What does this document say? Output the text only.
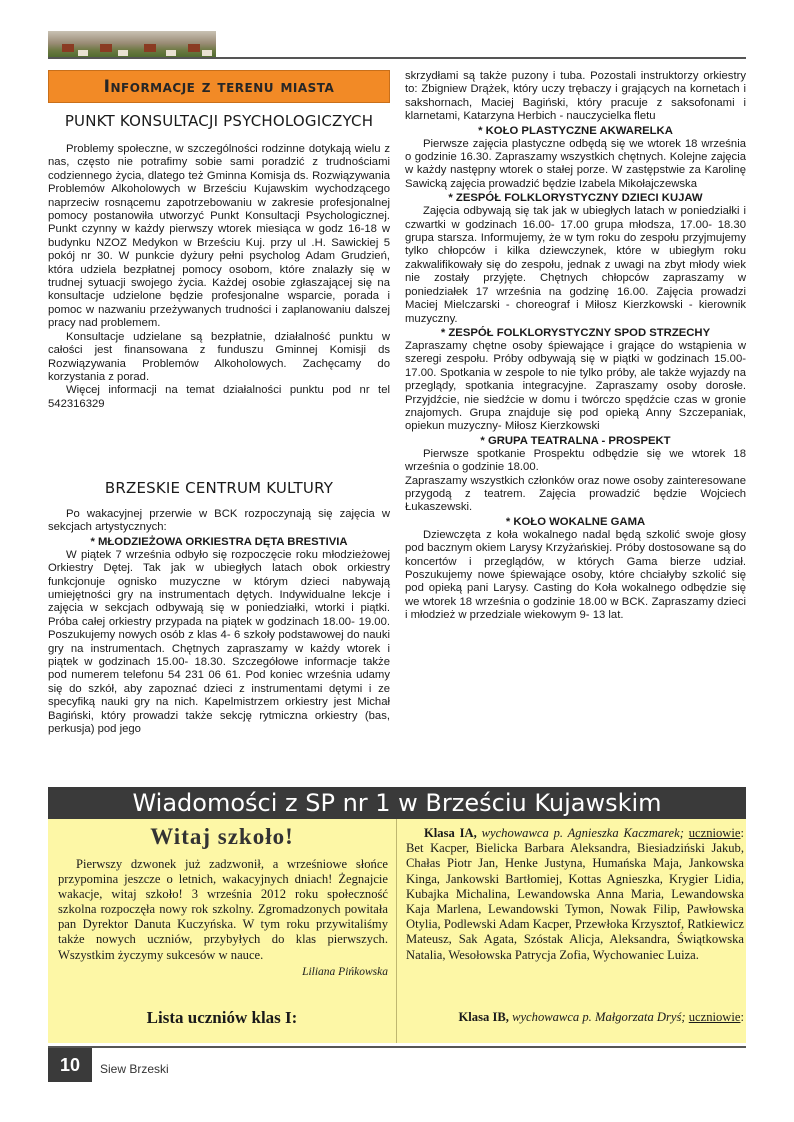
Informacje z terenu miasta
PUNKT KONSULTACJI PSYCHOLOGICZYCH

Problemy społeczne, w szczególności rodzinne dotykają wielu z nas, często nie potrafimy sobie sami poradzić z trudnościami codziennego życia, dlatego też Gminna Komisja ds. Rozwiązywania Problemów Alkoholowych w Brześciu Kujawskim wychodzącego naprzeciw rosnącemu zapotrzebowaniu w zakresie profesjonalnej pomocy postanowiła utworzyć Punkt Konsultacji Psychologicznej. Punkt czynny w każdy pierwszy wtorek miesiąca w godz 16-18 w budynku NZOZ Medykon w Brześciu Kuj. przy ul .H. Sawickiej 5 pokój nr 30. W punkcie dyżury pełni psycholog Adam Grudzień, która udziela bezpłatnej pomocy osobom, które znalazły się w trudnej sytuacji swojego życia. Każdej osobie zgłaszającej się na konsultacje udzielone będzie profesjonalne wsparcie, porada i pomoc w nazwaniu przeżywanych trudności i zaplanowaniu dalszej pracy nad problemem.

Konsultacje udzielane są bezpłatnie, działalność punktu w całości jest finansowana z funduszu Gminnej Komisji ds Rozwiązywania Problemów Alkoholowych. Zachęcamy do korzystania z porad.

Więcej informacji na temat działalności punktu pod nr tel 542316329

BRZESKIE CENTRUM KULTURY

Po wakacyjnej przerwie w BCK rozpoczynają się zajęcia w sekcjach artystycznych:

* MŁODZIEŻOWA ORKIESTRA DĘTA BRESTIVIA

W piątek 7 września odbyło się rozpoczęcie roku młodzieżowej Orkiestry Dętej. Tak jak w ubiegłych latach obok orkiestry funkcjonuje ognisko muzyczne w którym dzieci nabywają umiejętności gry na instrumentach dętych. Indywidualne lekcje i zajęcia w sekcjach odbywają się w poniedziałki, wtorki i piątki. Próba całej orkiestry przypada na piątek w godzinach 18.00- 19.00. Poszukujemy nowych osób z klas 4- 6 szkoły podstawowej do nauki gry na instrumentach. Chętnych zapraszamy w każdy wtorek i piątek w godzinach 15.00- 18.30. Szczegółowe informacje także pod numerem telefonu 54 231 06 61. Pod koniec września udamy się do szkół, aby zapoznać dzieci z instrumentami dętymi i ze specyfiką nauki gry na nich. Kapelmistrzem orkiestry jest Michał Bagiński, który prowadzi także sekcję rytmiczna orkiestry (bas, perkusja) pod jego

skrzydłami są także puzony i tuba. Pozostali instruktorzy orkiestry to: Zbigniew Drążek, który uczy trębaczy i grających na kornetach i sakshornach, Maciej Bagiński, który pracuje z saksofonami i klarnetami, Katarzyna Herbich - nauczycielka fletu

* KOŁO PLASTYCZNE AKWARELKA

Pierwsze zajęcia plastyczne odbędą się we wtorek 18 września o godzinie 16.30. Zapraszamy wszystkich chętnych. Kolejne zajęcia w każdy następny wtorek o stałej porze. W zastępstwie za Karolinę Sawicką zajęcia prowadzić będzie Izabela Mikołajczewska

* ZESPÓŁ FOLKLORYSTYCZNY DZIECI KUJAW

Zajęcia odbywają się tak jak w ubiegłych latach w poniedziałki i czwartki w godzinach 16.00- 17.00 grupa młodsza, 17.00- 18.30 grupa starsza. Informujemy, że w tym roku do zespołu przyjmujemy tylko chłopców i kilka dziewczynek, które w ubiegłym roku zakwalifikowały się do zespołu, jednak z uwagi na zbyt młody wiek nie zostały przyjęte. Chętnych chłopców zapraszamy w poniedziałek 17 września na godzinę 16.00. Zajęcia prowadzi Maciej Mielczarski - choreograf i Miłosz Kierzkowski - kierownik muzyczny.

* ZESPÓŁ FOLKLORYSTYCZNY SPOD STRZECHY

Zapraszamy chętne osoby śpiewające i grające do wstąpienia w szeregi zespołu. Próby odbywają się w piątki w godzinach 15.00-17.00. Spotkania w zespole to nie tylko próby, ale także wyjazdy na przeglądy, spotkania integracyjne. Zapraszamy osoby dorosłe. Przyjdźcie, nie siedźcie w domu i twórczo spędźcie czas w gronie znajomych. Grupa znajduje się pod opieką Anny Szczepaniak, opiekun muzyczny- Miłosz Kierzkowski

* GRUPA TEATRALNA - PROSPEKT

Pierwsze spotkanie Prospektu odbędzie się we wtorek 18 września o godzinie 18.00.

Zapraszamy wszystkich członków oraz nowe osoby zainteresowane przygodą z teatrem. Zajęcia prowadzić będzie Wojciech Łukaszewski.

* KOŁO WOKALNE GAMA

Dziewczęta z koła wokalnego nadal będą szkolić swoje głosy pod bacznym okiem Larysy Krzyżańskiej. Próby dostosowane są do koncertów i przeglądów, w których Gama bierze udział. Poszukujemy nowe śpiewające osoby, które chciałyby szkolić się pod opieką pani Larysy. Casting do Koła wokalnego odbędzie się we wtorek 18 września o godzinie 18.00 w BCK. Zapraszamy dzieci i młodzież w przedziale wiekowym 9- 13 lat.

Wiadomości z SP nr 1 w Brześciu Kujawskim
Witaj szkoło!

Pierwszy dzwonek już zadzwonił, a wrześniowe słońce przypomina jeszcze o letnich, wakacyjnych dniach! Żegnajcie wakacje, witaj szkoło! 3 września 2012 roku społeczność szkolna rozpoczęła nowy rok szkolny. Zgromadzonych powitała pan Dyrektor Danuta Kuczyńska. W tym roku przywitaliśmy także nowych uczniów, przybyłych do klas pierwszych. Wszystkim życzymy sukcesów w nauce.

Liliana Pińkowska

Lista uczniów klas I:

Klasa IA, wychowawca p. Agnieszka Kaczmarek; uczniowie: Bet Kacper, Bielicka Barbara Aleksandra, Biesiadziński Jakub, Chałas Piotr Jan, Henke Justyna, Humańska Maja, Jankowska Kinga, Jankowski Bartłomiej, Kottas Agnieszka, Krygier Lidia, Kubajka Michalina, Lewandowska Anna Maria, Lewandowska Kaja Marlena, Lewandowski Tymon, Nowak Filip, Pawłowska Otylia, Podlewski Adam Kacper, Przewłoka Krzysztof, Ratkiewicz Mateusz, Sak Agata, Szóstak Alicja, Aleksandra, Świątkowska Natalia, Wesołowska Patrycja Zofia, Wychowaniec Luiza.

Klasa IB, wychowawca p. Małgorzata Dryś; uczniowie:
10	Siew Brzeski
